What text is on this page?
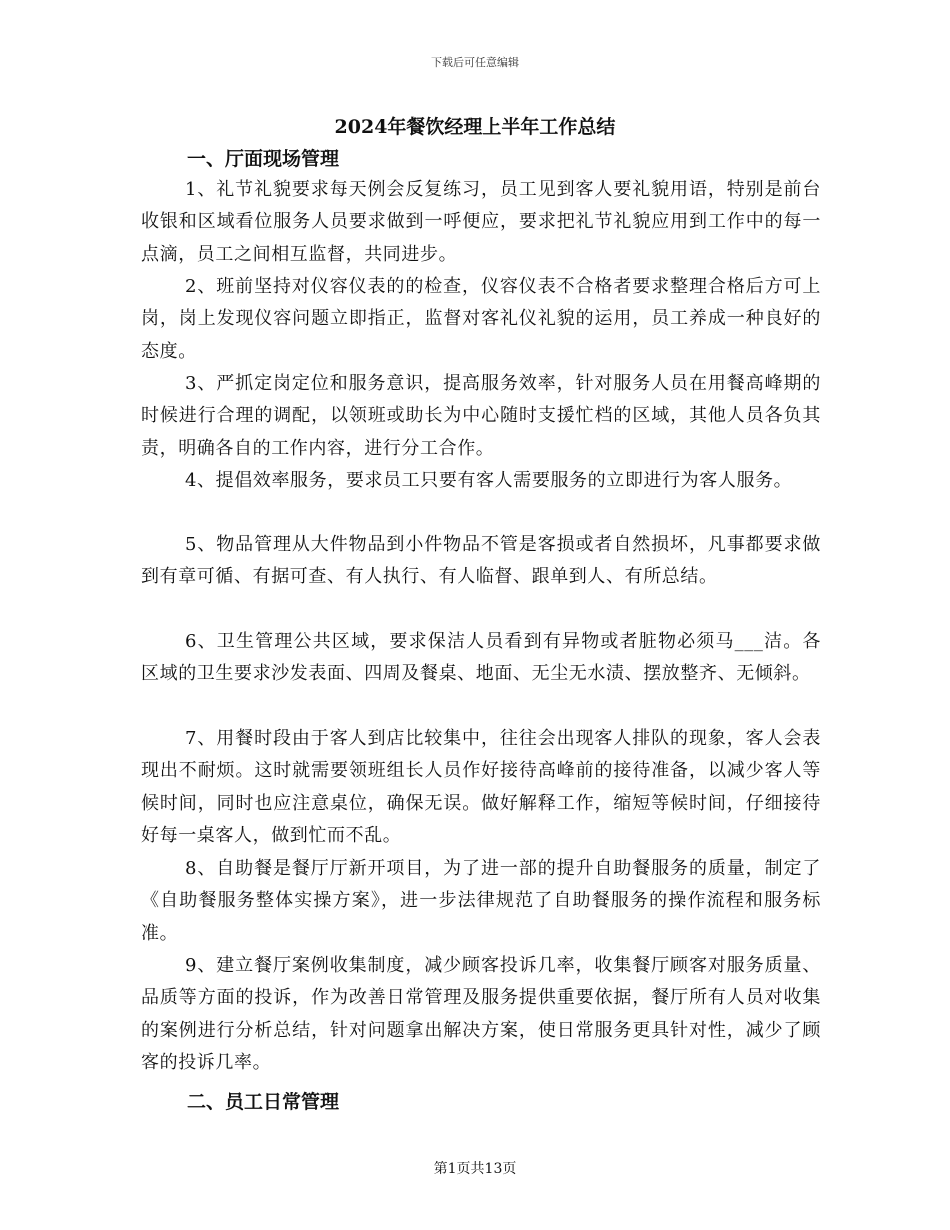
下载后可任意编辑
2024年餐饮经理上半年工作总结
一、厅面现场管理

1、礼节礼貌要求每天例会反复练习，员工见到客人要礼貌用语，特别是前台收银和区域看位服务人员要求做到一呼便应，要求把礼节礼貌应用到工作中的每一点滴，员工之间相互监督，共同进步。

2、班前坚持对仪容仪表的的检查，仪容仪表不合格者要求整理合格后方可上岗，岗上发现仪容问题立即指正，监督对客礼仪礼貌的运用，员工养成一种良好的态度。

3、严抓定岗定位和服务意识，提高服务效率，针对服务人员在用餐高峰期的时候进行合理的调配，以领班或助长为中心随时支援忙档的区域，其他人员各负其责，明确各自的工作内容，进行分工合作。

4、提倡效率服务，要求员工只要有客人需要服务的立即进行为客人服务。

5、物品管理从大件物品到小件物品不管是客损或者自然损坏，凡事都要求做到有章可循、有据可查、有人执行、有人临督、跟单到人、有所总结。

6、卫生管理公共区域，要求保洁人员看到有异物或者脏物必须马___洁。各区域的卫生要求沙发表面、四周及餐桌、地面、无尘无水渍、摆放整齐、无倾斜。

7、用餐时段由于客人到店比较集中，往往会出现客人排队的现象，客人会表现出不耐烦。这时就需要领班组长人员作好接待高峰前的接待准备，以减少客人等候时间，同时也应注意桌位，确保无误。做好解释工作，缩短等候时间，仔细接待好每一桌客人，做到忙而不乱。

8、自助餐是餐厅厅新开项目，为了进一部的提升自助餐服务的质量，制定了《自助餐服务整体实操方案》，进一步法律规范了自助餐服务的操作流程和服务标准。

9、建立餐厅案例收集制度，减少顾客投诉几率，收集餐厅顾客对服务质量、品质等方面的投诉，作为改善日常管理及服务提供重要依据，餐厅所有人员对收集的案例进行分析总结，针对问题拿出解决方案，使日常服务更具针对性，减少了顾客的投诉几率。

二、员工日常管理
第1页共13页
